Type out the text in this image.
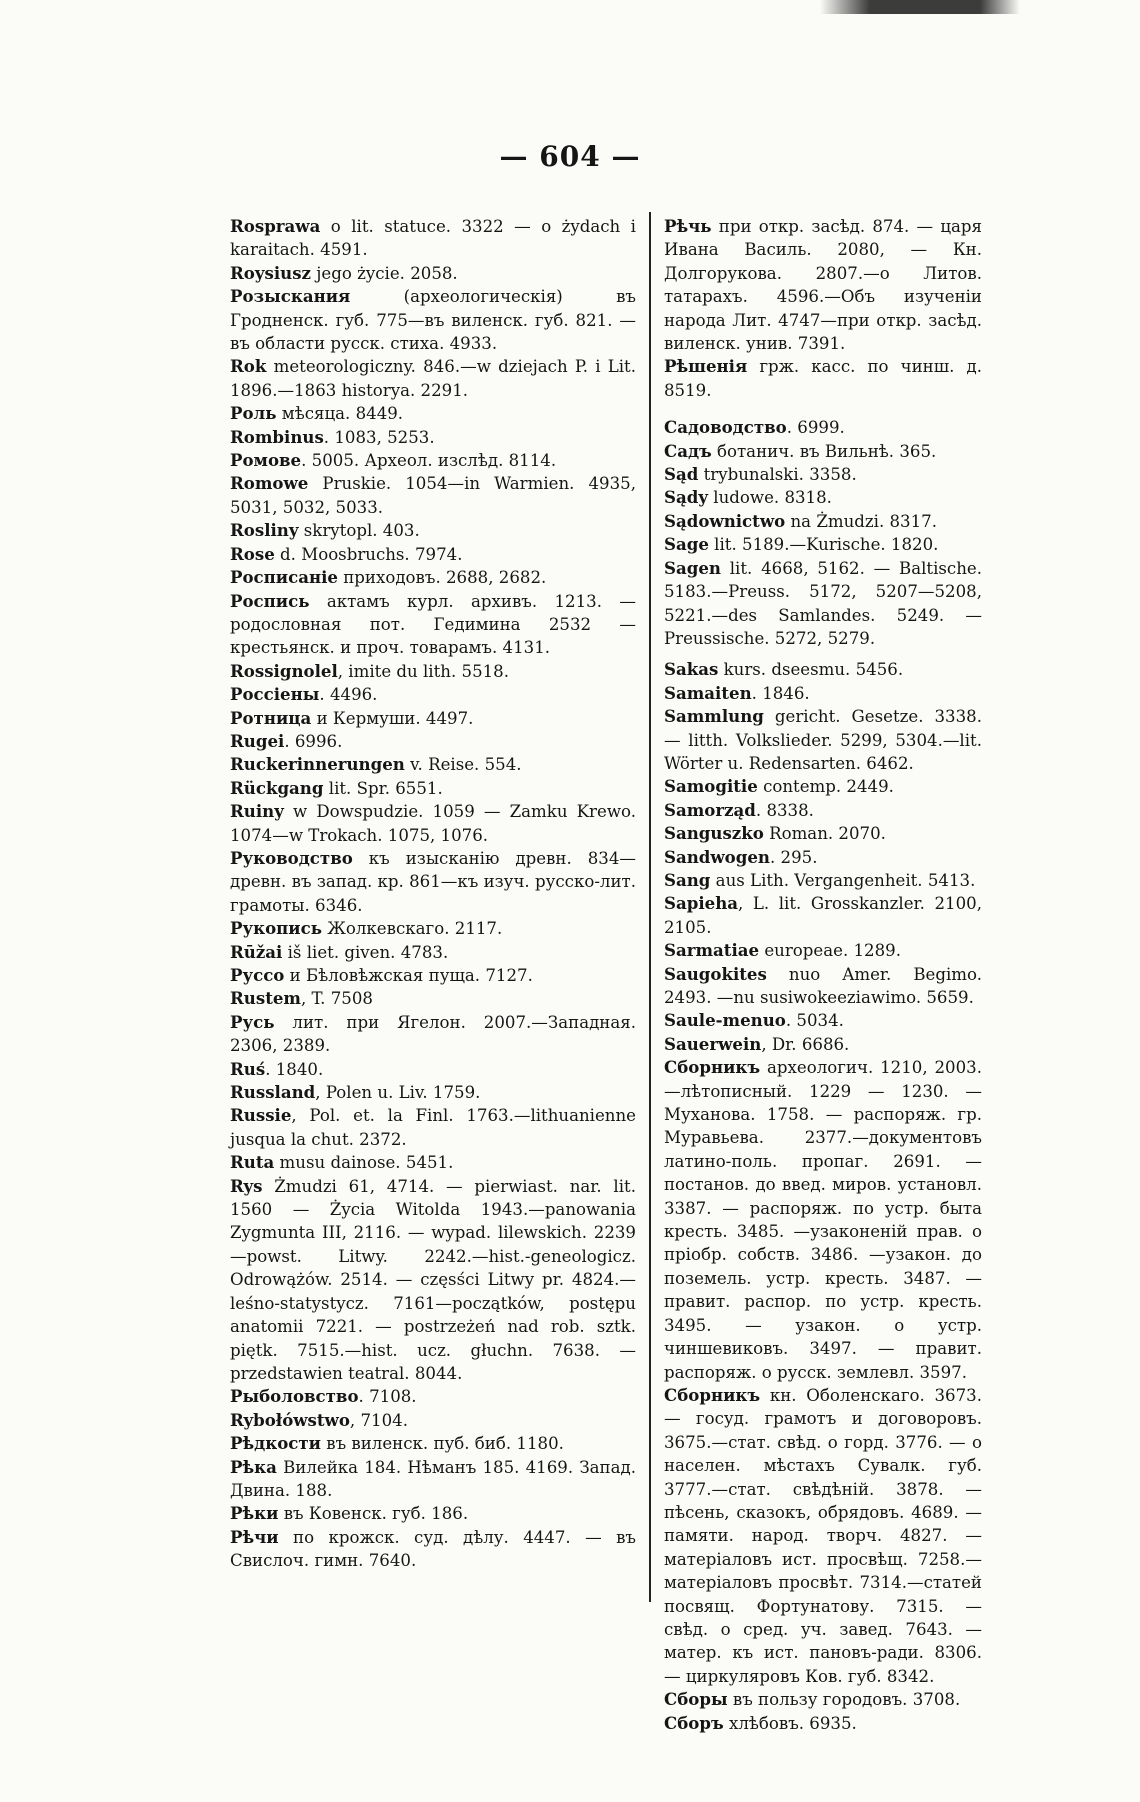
— 604 —
Rosprawa o lit. statuce. 3322 — o żydach i karaitach. 4591.
Roysiusz jego życie. 2058.
Розыскания (археологическія) въ Гродненск. губ. 775—въ виленск. губ. 821. —въ области русск. стиха. 4933.
Rok meteorologiczny. 846.—w dziejach P. i Lit. 1896.—1863 historya. 2291.
Роль мѣсяца. 8449.
Rombinus. 1083, 5253.
Ромове. 5005. Археол. изслѣд. 8114.
Romowe Pruskie. 1054—in Warmien. 4935, 5031, 5032, 5033.
Rosliny skrytopl. 403.
Rose d. Moosbruchs. 7974.
Росписаніе приходовъ. 2688, 2682.
Роспись актамъ курл. архивъ. 1213. — родословная пот. Гедимина 2532 — крестьянск. и проч. товарамъ. 4131.
Rossignolel, imite du lith. 5518.
Россіены. 4496.
Ротница и Кермуши. 4497.
Rugei. 6996.
Ruckerinnerungen v. Reise. 554.
Rückgang lit. Spr. 6551.
Ruiny w Dowspudzie. 1059 — Zamku Krewo. 1074—w Trokach. 1075, 1076.
Руководство къ изысканію древн. 834—древн. въ запад. кр. 861—къ изуч. русско-лит. грамоты. 6346.
Рукопись Жолкевскаго. 2117.
Rūžai iš liet. given. 4783.
Руссо и Бѣловѣжская пуща. 7127.
Rustem, T. 7508
Русь лит. при Ягелон. 2007.—Западная. 2306, 2389.
Ruś. 1840.
Russland, Polen u. Liv. 1759.
Russie, Pol. et. la Finl. 1763.—lithuanienne jusqua la chut. 2372.
Ruta musu dainose. 5451.
Rys Żmudzi 61, 4714. — pierwiast. nar. lit. 1560 — Życia Witolda 1943.—panowania Zygmunta III, 2116. — wypad. lilewskich. 2239—powst. Litwy. 2242.—hist.-geneologicz. Odrowążów. 2514. — częsści Litwy pr. 4824.—leśno-statystycz. 7161—początków, postępu anatomii 7221. — postrzeżeń nad rob. sztk. piętk. 7515.—hist. ucz. głuchn. 7638. — przedstawien teatral. 8044.
Рыболовство. 7108.
Rybołówstwo, 7104.
Рѣдкости въ виленск. пуб. биб. 1180.
Рѣка Вилейка 184. Нѣманъ 185. 4169. Запад. Двина. 188.
Рѣки въ Ковенск. губ. 186.
Рѣчи по крожск. суд. дѣлу. 4447. — въ Свислоч. гимн. 7640.
Рѣчь при откр. засѣд. 874. — царя Ивана Василь. 2080, — Кн. Долгорукова. 2807.—о Литов. татарахъ. 4596.—Объ изученіи народа Лит. 4747—при откр. засѣд. виленск. унив. 7391.
Рѣшенія грж. касс. по чинш. д. 8519.
Садоводство. 6999.
Садъ ботанич. въ Вильнѣ. 365.
Sąd trybunalski. 3358.
Sądy ludowe. 8318.
Sądownictwo na Żmudzi. 8317.
Sage lit. 5189.—Kurische. 1820.
Sagen lit. 4668, 5162. — Baltische. 5183.—Preuss. 5172, 5207—5208, 5221.—des Samlandes. 5249. — Preussische. 5272, 5279.
Sakas kurs. dseesmu. 5456.
Samaiten. 1846.
Sammlung gericht. Gesetze. 3338. — litth. Volkslieder. 5299, 5304.—lit. Wörter u. Redensarten. 6462.
Samogitie contemp. 2449.
Samorząd. 8338.
Sanguszko Roman. 2070.
Sandwogen. 295.
Sang aus Lith. Vergangenheit. 5413.
Sapieha, L. lit. Grosskanzler. 2100, 2105.
Sarmatiae europeae. 1289.
Saugokites nuo Amer. Begimo. 2493. —nu susiwokeeziawimo. 5659.
Saule-menuo. 5034.
Sauerwein, Dr. 6686.
Сборникъ археологич. 1210, 2003.—лѣтописный. 1229 — 1230. — Мухановa. 1758. — распоряж. гр. Муравьева. 2377.—документовъ латино-поль. пропаг. 2691. — постанов. до введ. миров. установл. 3387. — распоряж. по устр. быта кресть. 3485. —узаконеній прав. о пріобр. собств. 3486. —узакон. до поземель. устр. кресть. 3487. — правит. распор. по устр. кресть. 3495. — узакон. о устр. чиншевиковъ. 3497. — правит. распоряж. о русск. землевл. 3597.
Сборникъ кн. Оболенскаго. 3673. — госуд. грамотъ и договоровъ. 3675.—стат. свѣд. о горд. 3776. — о населен. мѣстахъ Сувалк. губ. 3777.—стат. свѣдѣній. 3878. — пѣсень, сказокъ, обрядовъ. 4689. — памяти. народ. творч. 4827. — матеріаловъ ист. просвѣщ. 7258.—матеріаловъ просвѣт. 7314.—статей посвящ. Фортунатову. 7315. — свѣд. о сред. уч. завед. 7643. — матер. къ ист. пановъ-ради. 8306. — циркуляровъ Ков. губ. 8342.
Сборы въ пользу городовъ. 3708.
Сборъ хлѣбовъ. 6935.
